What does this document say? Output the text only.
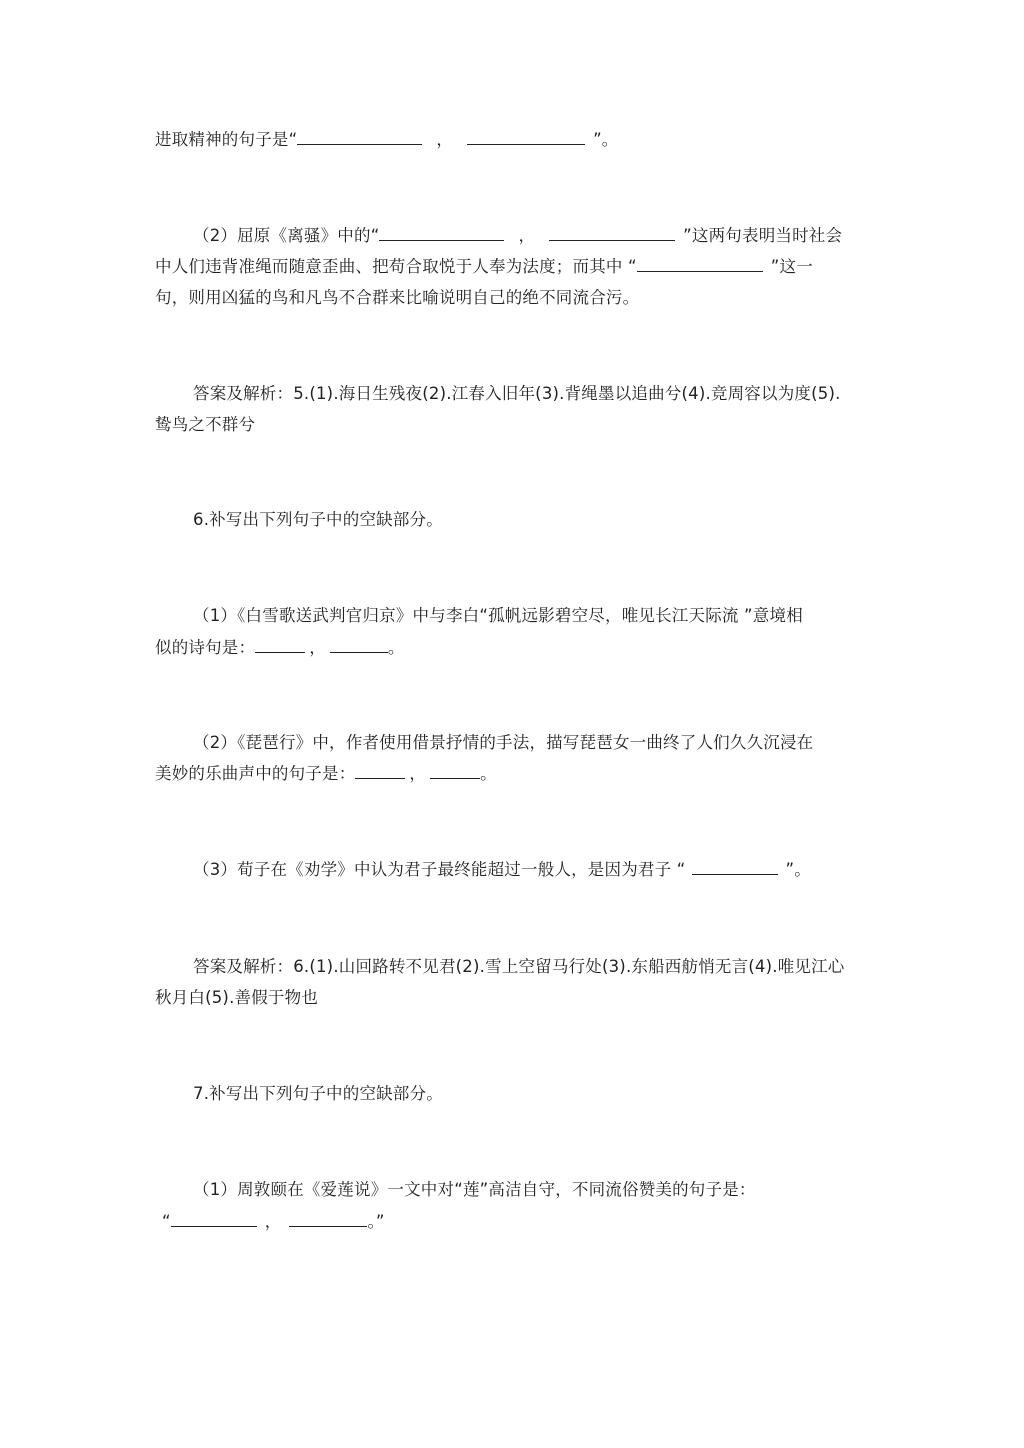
进取精神的句子是“	，	”。
（2）屈原《离骚》中的“	，	”这两句表明当时社会
中人们违背准绳而随意歪曲、把苟合取悦于人奉为法度；而其中 “	”这一
句，则用凶猛的鸟和凡鸟不合群来比喻说明自己的绝不同流合污。
答案及解析：5.(1).海日生残夜(2).江春入旧年(3).背绳墨以追曲兮(4).竞周容以为度(5).
鸷鸟之不群兮
6.补写出下列句子中的空缺部分。
（1）《白雪歌送武判官归京》中与李白“孤帆远影碧空尽，唯见长江天际流 ”意境相
似的诗句是：	，	。
（2）《琵琶行》中，作者使用借景抒情的手法，描写琵琶女一曲终了人们久久沉浸在
美妙的乐曲声中的句子是：	，	。
（3）荀子在《劝学》中认为君子最终能超过一般人，是因为君子 “	”。
答案及解析：6.(1).山回路转不见君(2).雪上空留马行处(3).东船西舫悄无言(4).唯见江心
秋月白(5).善假于物也
7.补写出下列句子中的空缺部分。
（1）周敦颐在《爱莲说》一文中对“莲”高洁自守，不同流俗赞美的句子是：
“	，	。”
